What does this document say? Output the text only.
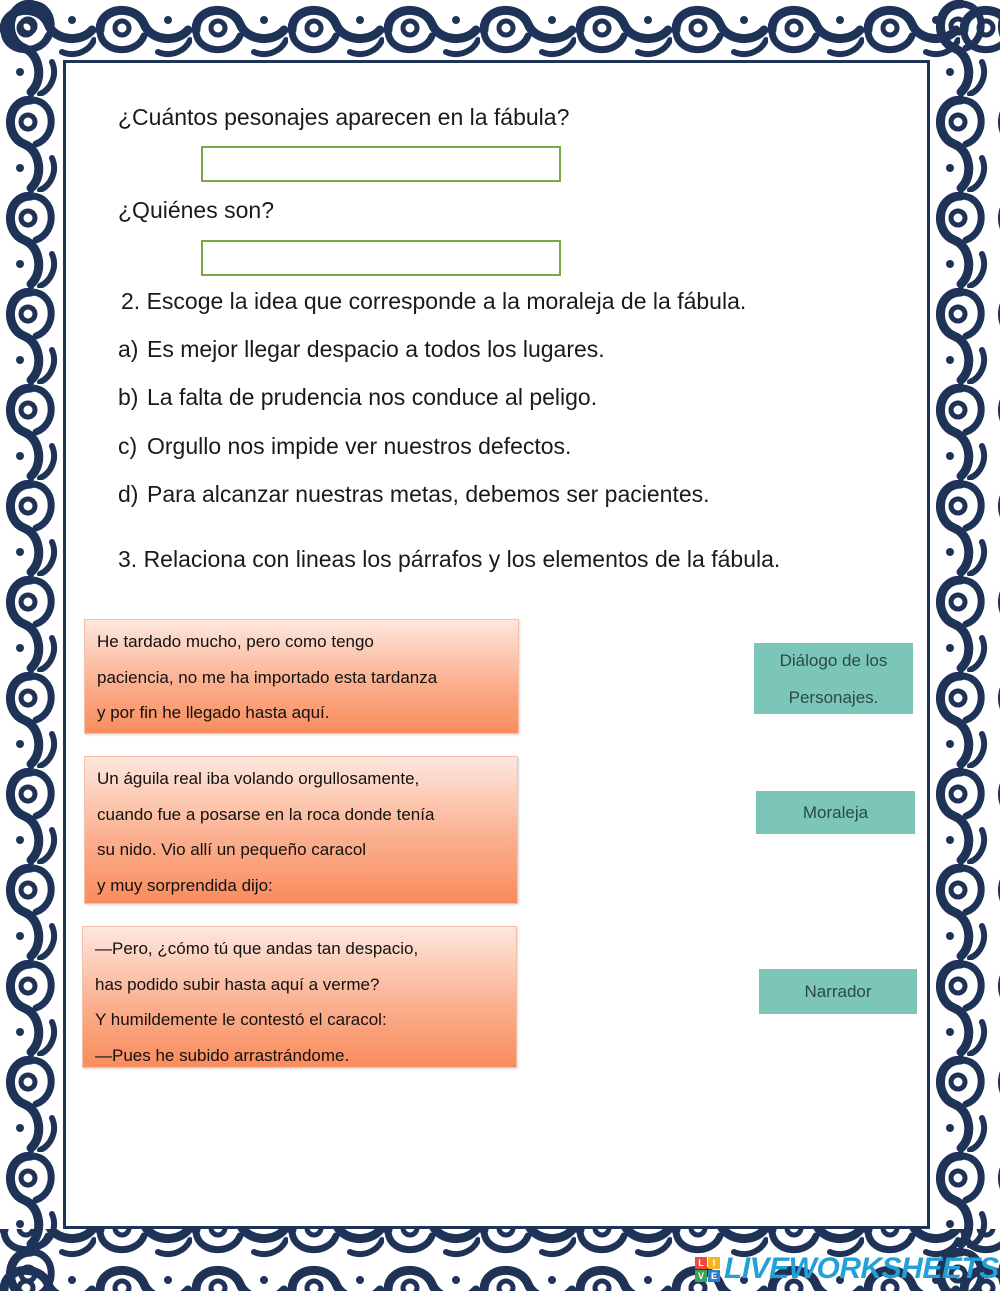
¿Cuántos pesonajes aparecen en la fábula?
¿Quiénes son?
2. Escoge la idea que corresponde a la moraleja de la fábula.
a) Es mejor llegar despacio a todos los lugares.
b) La falta de prudencia nos conduce al peligo.
c) Orgullo nos impide ver nuestros defectos.
d) Para alcanzar nuestras metas, debemos ser pacientes.
3. Relaciona con lineas los párrafos y los elementos de la fábula.
He tardado mucho, pero como tengo
paciencia, no me ha importado esta tardanza
y por fin he llegado hasta aquí.
Un águila real iba volando orgullosamente,
cuando fue a posarse en la roca donde tenía
su nido. Vio allí un pequeño caracol
y muy sorprendida dijo:
—Pero, ¿cómo tú que andas tan despacio,
has podido subir hasta aquí a verme?
Y humildemente le contestó el caracol:
—Pues he subido arrastrándome.
Diálogo de los
Personajes.
Moraleja
Narrador
L I
V E LIVEWORKSHEETS
